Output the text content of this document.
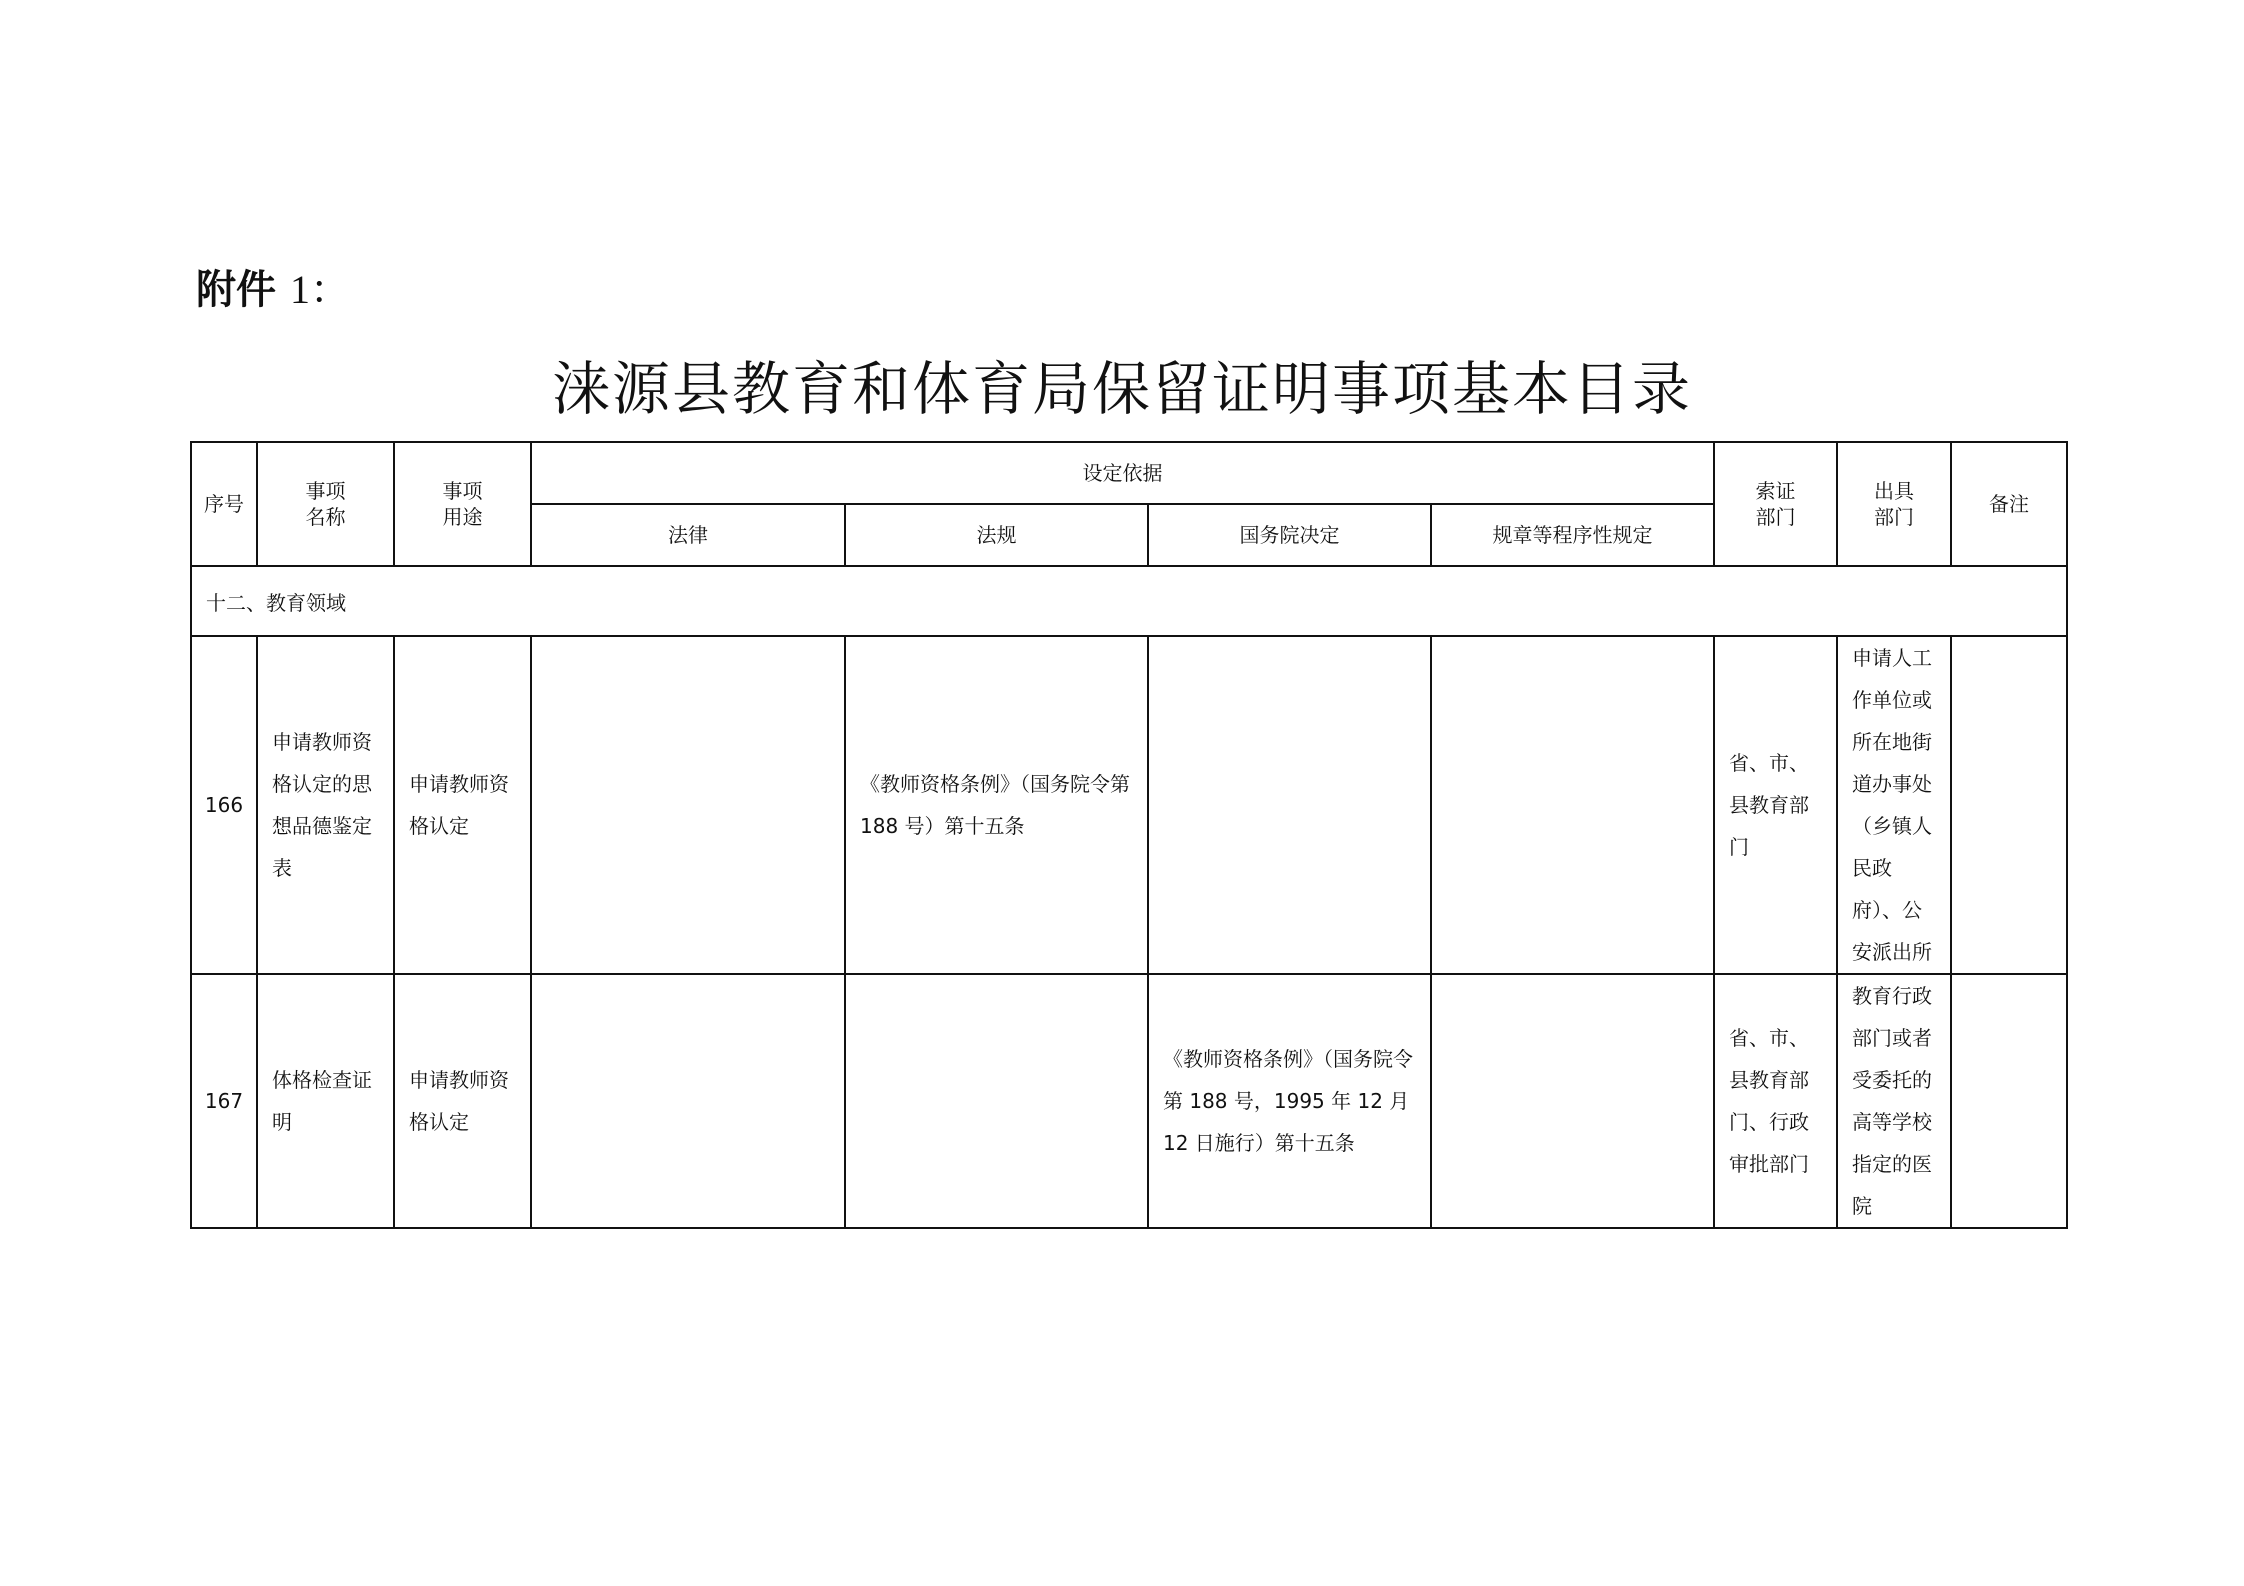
附件 1：
涞源县教育和体育局保留证明事项基本目录
序号	事项名称	事项用途	设定依据				索证部门	出具部门	备注
			法律	法规	国务院决定	规章等程序性规定			
十二、教育领域									
166	申请教师资格认定的思想品德鉴定表	申请教师资格认定		《教师资格条例》（国务院令第 188 号）第十五条			省、市、县教育部门	申请人工作单位或所在地街道办事处（乡镇人民政府）、公安派出所	
167	体格检查证明	申请教师资格认定			《教师资格条例》（国务院令第 188 号，1995 年 12 月 12 日施行）第十五条		省、市、县教育部门、行政审批部门	教育行政部门或者受委托的高等学校指定的医院	
